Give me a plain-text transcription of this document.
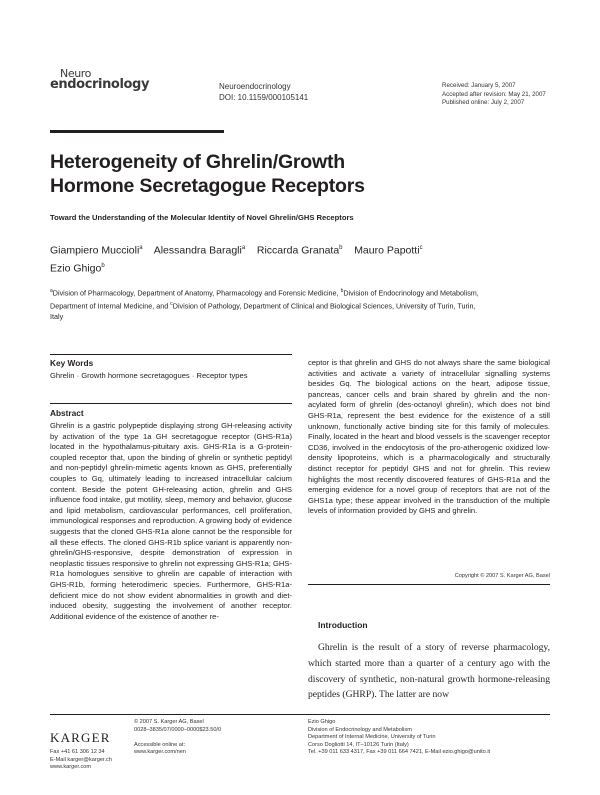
Neuro
endocrinology	Neuroendocrinology
DOI: 10.1159/000105141
Received: January 5, 2007
Accepted after revision: May 21, 2007
Published online: July 2, 2007
Heterogeneity of Ghrelin/Growth
Hormone Secretagogue Receptors
Toward the Understanding of the Molecular Identity of Novel Ghrelin/GHS Receptors
Giampiero Muccioli$^a$ Alessandra Baragli$^a$ Riccarda Granata$^b$ Mauro Papotti$^c$
Ezio Ghigo$^b$
$^a$Division of Pharmacology, Department of Anatomy, Pharmacology and Forensic Medicine, $^b$Division of Endocrinology and Metabolism, Department of Internal Medicine, and $^c$Division of Pathology, Department of Clinical and Biological Sciences, University of Turin, Turin, Italy
Key Words
Ghrelin · Growth hormone secretagogues · Receptor types
Abstract

Ghrelin is a gastric polypeptide displaying strong GH-releasing activity by activation of the type 1a GH secretagogue receptor (GHS-R1a) located in the hypothalamus-pituitary axis. GHS-R1a is a G-protein-coupled receptor that, upon the binding of ghrelin or synthetic peptidyl and non-peptidyl ghrelin-mimetic agents known as GHS, preferentially couples to Gq, ultimately leading to increased intracellular calcium content. Beside the potent GH-releasing action, ghrelin and GHS influence food intake, gut motility, sleep, memory and behavior, glucose and lipid metabolism, cardiovascular performances, cell proliferation, immunological responses and reproduction. A growing body of evidence suggests that the cloned GHS-R1a alone cannot be the responsible for all these effects. The cloned GHS-R1b splice variant is apparently non-ghrelin/GHS-responsive, despite demonstration of expression in neoplastic tissues responsive to ghrelin not expressing GHS-R1a; GHS-R1a homologues sensitive to ghrelin are capable of interaction with GHS-R1b, forming heterodimeric species. Furthermore, GHS-R1a-deficient mice do not show evident abnormalities in growth and diet-induced obesity, suggesting the involvement of another receptor. Additional evidence of the existence of another re-

ceptor is that ghrelin and GHS do not always share the same biological activities and activate a variety of intracellular signalling systems besides Gq. The biological actions on the heart, adipose tissue, pancreas, cancer cells and brain shared by ghrelin and the non-acylated form of ghrelin (des-octanoyl ghrelin), which does not bind GHS-R1a, represent the best evidence for the existence of a still unknown, functionally active binding site for this family of molecules. Finally, located in the heart and blood vessels is the scavenger receptor CD36, involved in the endocytosis of the pro-atherogenic oxidized low-density lipoproteins, which is a pharmacologically and structurally distinct receptor for peptidyl GHS and not for ghrelin. This review highlights the most recently discovered features of GHS-R1a and the emerging evidence for a novel group of receptors that are not of the GHS1a type; these appear involved in the transduction of the multiple levels of information provided by GHS and ghrelin.

Copyright © 2007 S. Karger AG, Basel
Introduction
Ghrelin is the result of a story of reverse pharmacology, which started more than a quarter of a century ago with the discovery of synthetic, non-natural growth hormone-releasing peptides (GHRP). The latter are now
KARGER
Fax +41 61 306 12 34
E-Mail karger@karger.ch
www.karger.com
© 2007 S. Karger AG, Basel
0028–3835/07/0000–0000$23.50/0
Accessible online at:
www.karger.com/nen
Ezio Ghigo
Division of Endocrinology and Metabolism
Department of Internal Medicine, University of Turin
Corso Dogliotti 14, IT–10126 Turin (Italy)
Tel. +39 011 633 4317, Fax +39 011 664 7421, E-Mail ezio.ghigo@unito.it
